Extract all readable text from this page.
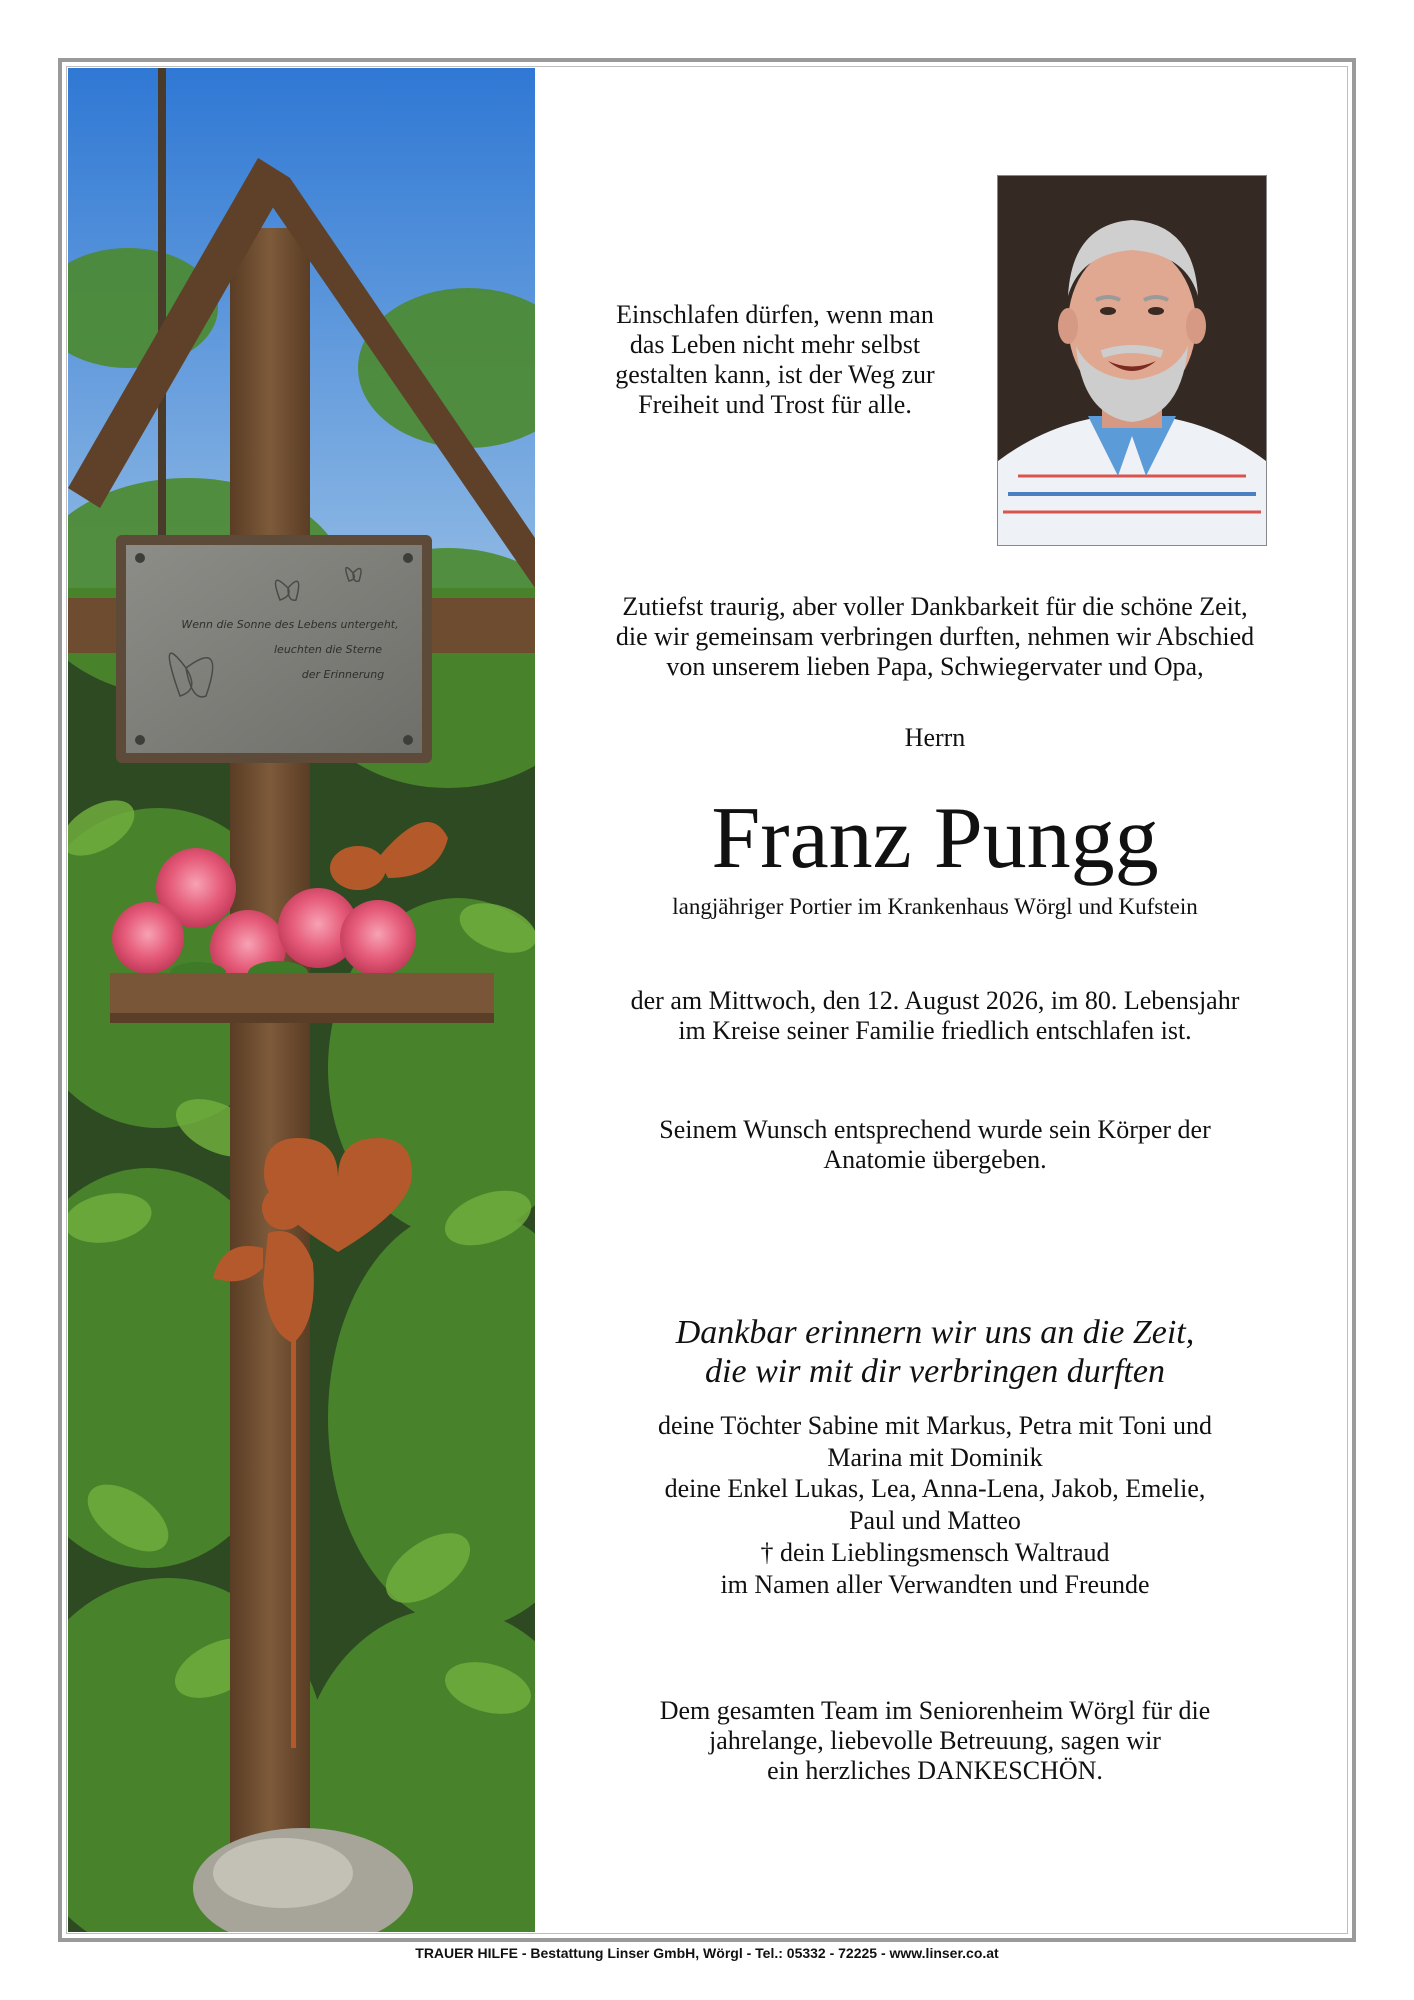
Wenn die Sonne des Lebens untergeht,
leuchten die Sterne
der Erinnerung
Einschlafen dürfen, wenn man
das Leben nicht mehr selbst
gestalten kann, ist der Weg zur
Freiheit und Trost für alle.
Zutiefst traurig, aber voller Dankbarkeit für die schöne Zeit,
die wir gemeinsam verbringen durften, nehmen wir Abschied
von unserem lieben Papa, Schwiegervater und Opa,
Herrn
Franz Pungg
langjähriger Portier im Krankenhaus Wörgl und Kufstein
der am Mittwoch, den 12. August 2026, im 80. Lebensjahr
im Kreise seiner Familie friedlich entschlafen ist.
Seinem Wunsch entsprechend wurde sein Körper der
Anatomie übergeben.
Dankbar erinnern wir uns an die Zeit,
die wir mit dir verbringen durften
deine Töchter Sabine mit Markus, Petra mit Toni und
Marina mit Dominik
deine Enkel Lukas, Lea, Anna-Lena, Jakob, Emelie,
Paul und Matteo
† dein Lieblingsmensch Waltraud
im Namen aller Verwandten und Freunde
Dem gesamten Team im Seniorenheim Wörgl für die
jahrelange, liebevolle Betreuung, sagen wir
ein herzliches DANKESCHÖN.
TRAUER HILFE - Bestattung Linser GmbH, Wörgl - Tel.: 05332 - 72225 - www.linser.co.at
